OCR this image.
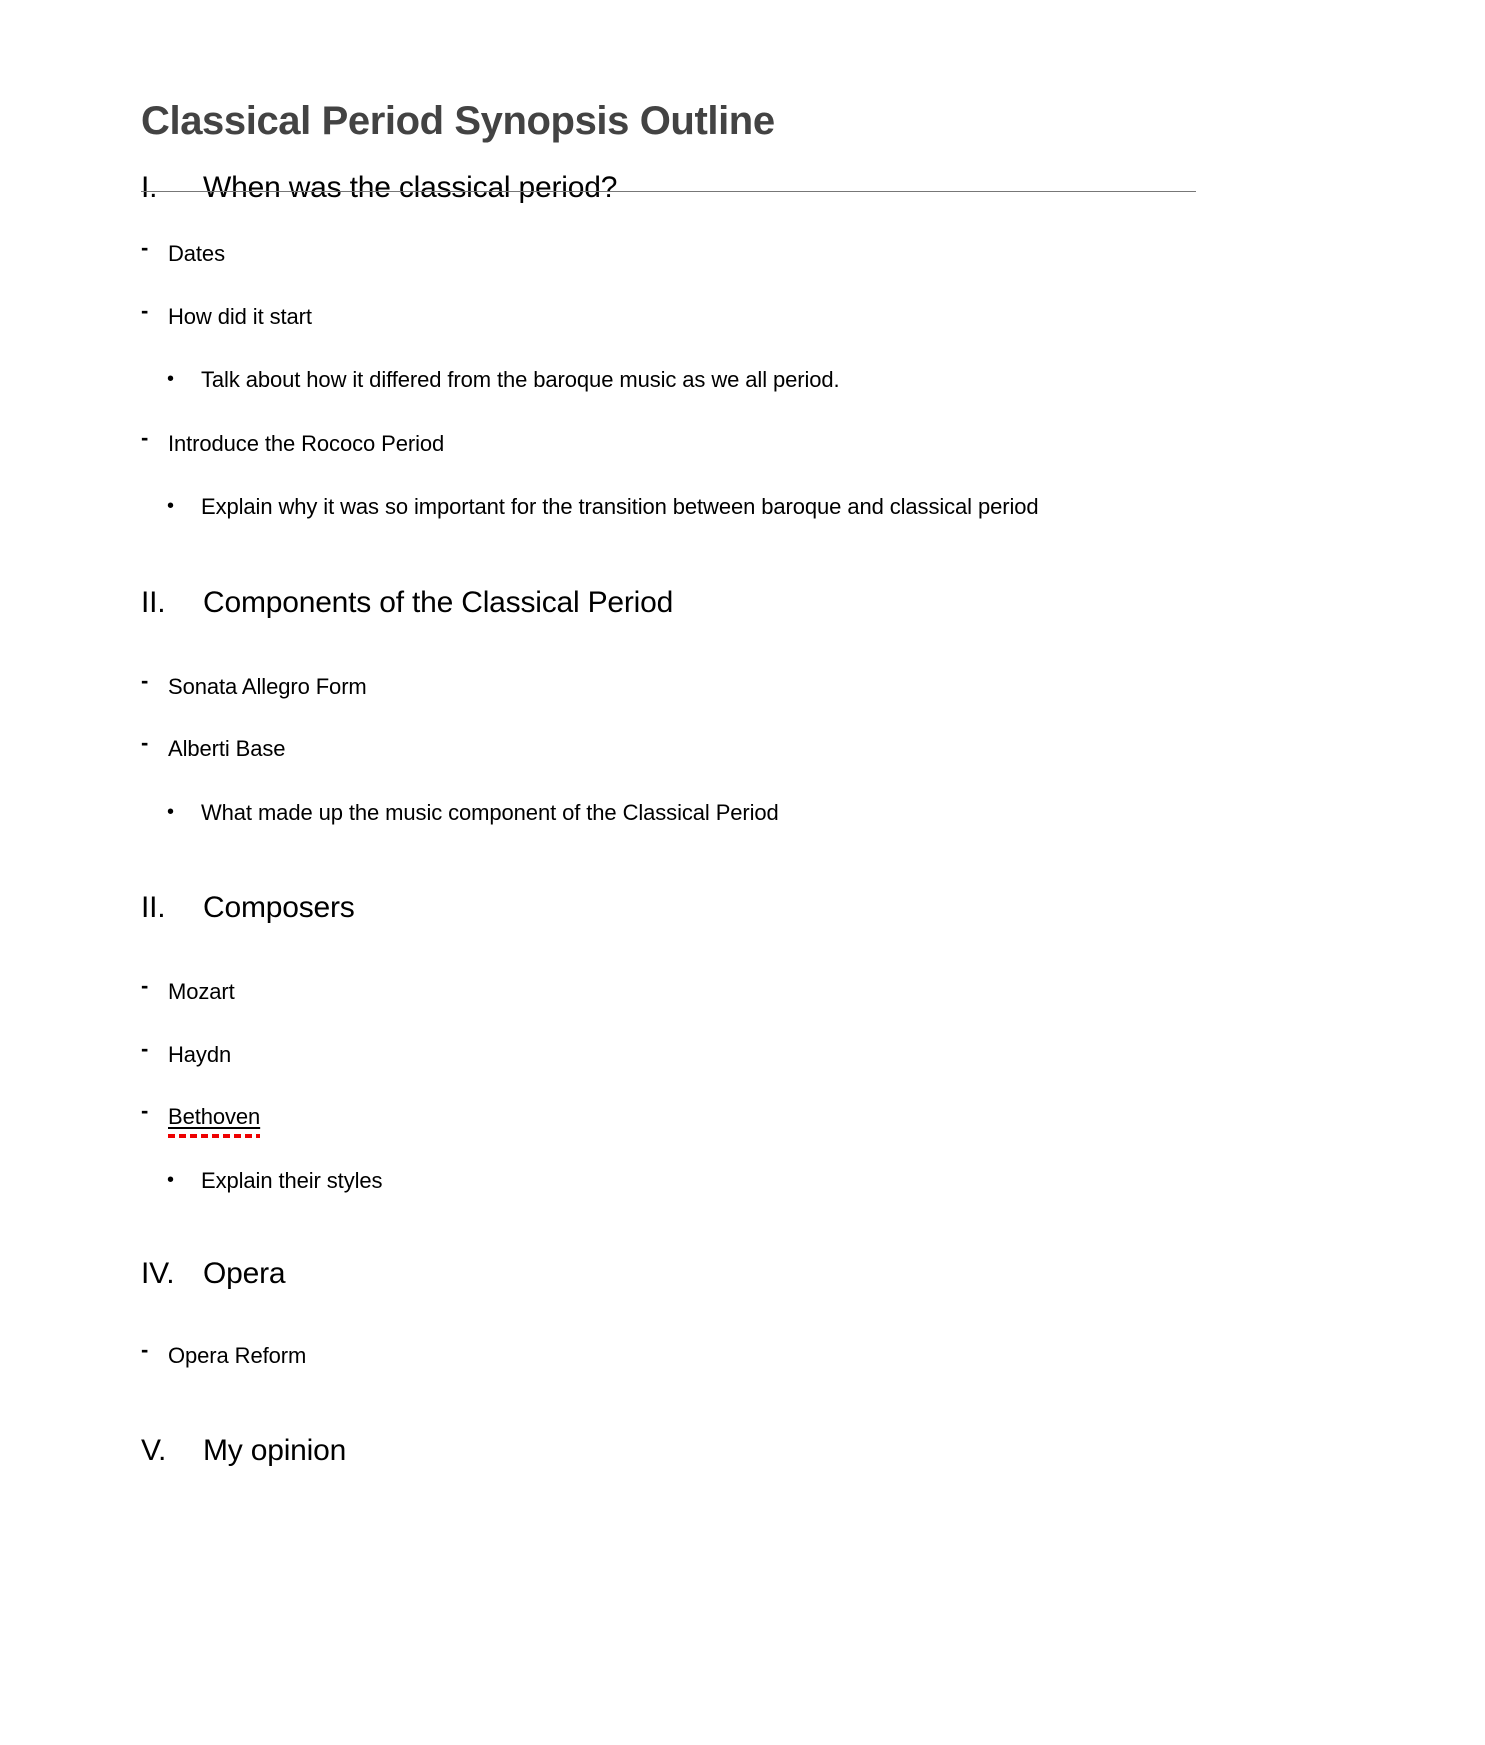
Classical Period Synopsis Outline
I.	When was the classical period?
- Dates
- How did it start
•	Talk about how it differed from the baroque music as we all period.
- Introduce the Rococo Period
•	Explain why it was so important for the transition between baroque and classical period
II.	Components of the Classical Period
- Sonata Allegro Form
- Alberti Base
•	What made up the music component of the Classical Period
II.	Composers
- Mozart
- Haydn
- Bethoven
•	Explain their styles
IV. Opera
- Opera Reform
V.	My opinion
